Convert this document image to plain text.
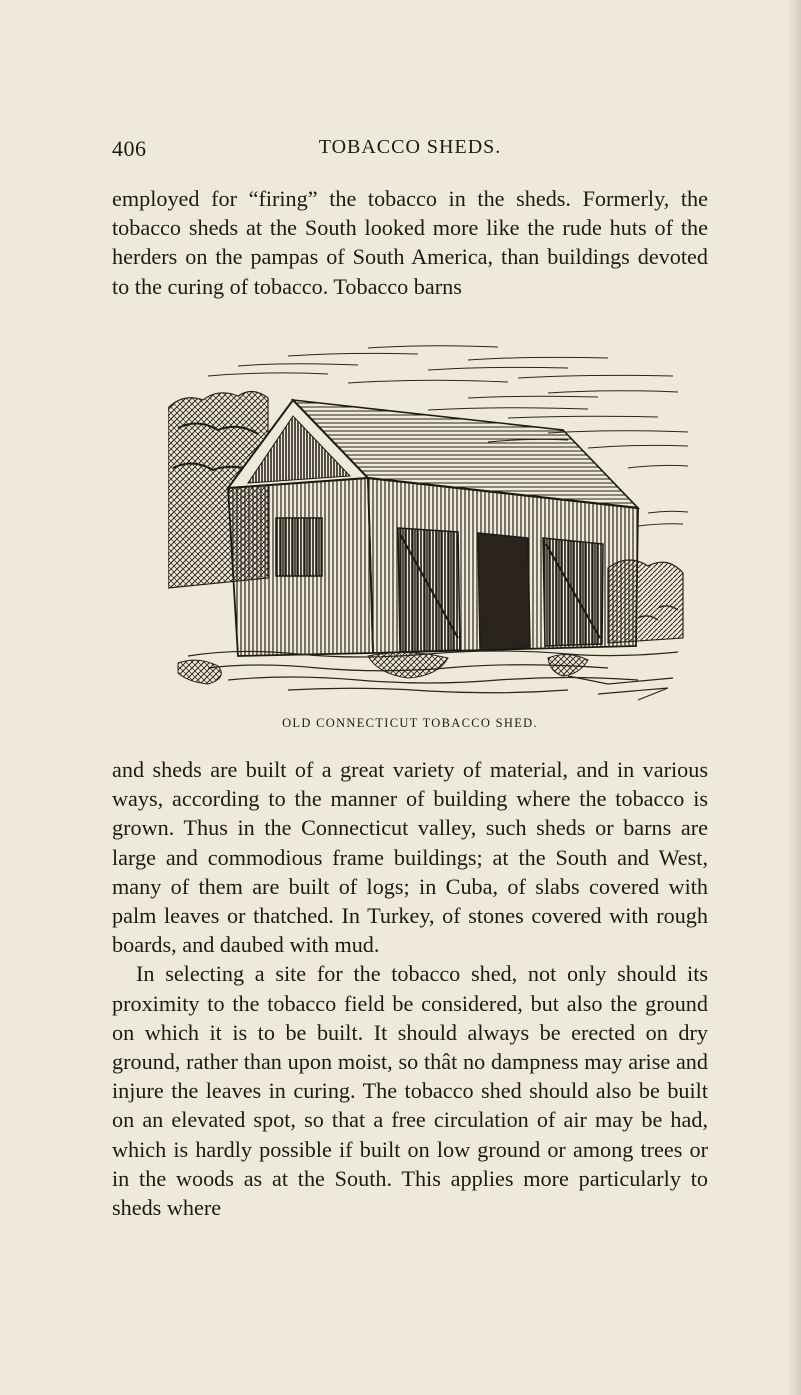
406	TOBACCO SHEDS.

employed for “firing” the tobacco in the sheds. Formerly, the tobacco sheds at the South looked more like the rude huts of the herders on the pampas of South America, than buildings devoted to the curing of tobacco. Tobacco barns

OLD CONNECTICUT TOBACCO SHED.

and sheds are built of a great variety of material, and in various ways, according to the manner of building where the tobacco is grown. Thus in the Connecticut valley, such sheds or barns are large and commodious frame buildings; at the South and West, many of them are built of logs; in Cuba, of slabs covered with palm leaves or thatched. In Turkey, of stones covered with rough boards, and daubed with mud.

In selecting a site for the tobacco shed, not only should its proximity to the tobacco field be considered, but also the ground on which it is to be built. It should always be erected on dry ground, rather than upon moist, so thât no dampness may arise and injure the leaves in curing. The tobacco shed should also be built on an elevated spot, so that a free circulation of air may be had, which is hardly possible if built on low ground or among trees or in the woods as at the South. This applies more particularly to sheds where
